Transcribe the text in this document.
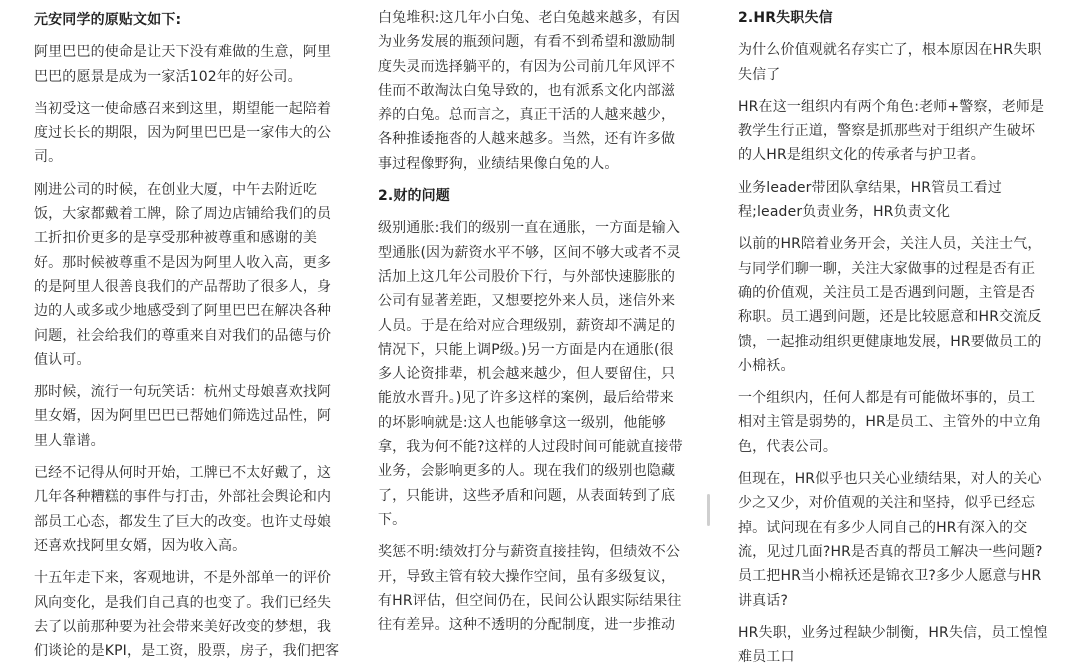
元安同学的原贴文如下:
阿里巴巴的使命是让天下没有难做的生意，阿里
巴巴的愿景是成为一家活102年的好公司。
当初受这一使命感召来到这里，期望能一起陪着
度过长长的期限，因为阿里巴巴是一家伟大的公
司。
刚进公司的时候，在创业大厦，中午去附近吃
饭，大家都戴着工牌，除了周边店铺给我们的员
工折扣价更多的是享受那种被尊重和感谢的美
好。那时候被尊重不是因为阿里人收入高，更多
的是阿里人很善良我们的产品帮助了很多人，身
边的人或多或少地感受到了阿里巴巴在解决各种
问题，社会给我们的尊重来自对我们的品德与价
值认可。
那时候，流行一句玩笑话：杭州丈母娘喜欢找阿
里女婿，因为阿里巴巴已帮她们筛选过品性，阿
里人靠谱。
已经不记得从何时开始，工牌已不太好戴了，这
几年各种糟糕的事件与打击，外部社会舆论和内
部员工心态，都发生了巨大的改变。也许丈母娘
还喜欢找阿里女婿，因为收入高。
十五年走下来，客观地讲，不是外部单一的评价
风向变化，是我们自己真的也变了。我们已经失
去了以前那种要为社会带来美好改变的梦想，我
们谈论的是KPI，是工资，股票，房子，我们把客
白兔堆积:这几年小白兔、老白兔越来越多，有因
为业务发展的瓶颈问题，有看不到希望和激励制
度失灵而选择躺平的，有因为公司前几年风评不
佳而不敢淘汰白兔导致的，也有派系文化内部滋
养的白兔。总而言之，真正干活的人越来越少，
各种推诿拖沓的人越来越多。当然，还有许多做
事过程像野狗，业绩结果像白兔的人。
2.财的问题
级别通胀:我们的级别一直在通胀，一方面是输入
型通胀(因为薪资水平不够，区间不够大或者不灵
活加上这几年公司股价下行，与外部快速膨胀的
公司有显著差距，又想要挖外来人员，迷信外来
人员。于是在给对应合理级别，薪资却不满足的
情况下，只能上调P级。)另一方面是内在通胀(很
多人论资排辈，机会越来越少，但人要留住，只
能放水晋升。)见了许多这样的案例，最后给带来
的坏影响就是:这人也能够拿这一级别，他能够
拿，我为何不能?这样的人过段时间可能就直接带
业务，会影响更多的人。现在我们的级别也隐藏
了，只能讲，这些矛盾和问题，从表面转到了底
下。
奖惩不明:绩效打分与薪资直接挂钩，但绩效不公
开，导致主管有较大操作空间，虽有多级复议，
有HR评估，但空间仍在，民间公认跟实际结果往
往有差异。这种不透明的分配制度，进一步推动
2.HR失职失信
为什么价值观就名存实亡了，根本原因在HR失职
失信了
HR在这一组织内有两个角色:老师+警察，老师是
教学生行正道，警察是抓那些对于组织产生破坏
的人HR是组织文化的传承者与护卫者。
业务leader带团队拿结果，HR管员工看过
程;leader负责业务，HR负责文化
以前的HR陪着业务开会，关注人员，关注士气，
与同学们聊一聊，关注大家做事的过程是否有正
确的价值观，关注员工是否遇到问题，主管是否
称职。员工遇到问题，还是比较愿意和HR交流反
馈，一起推动组织更健康地发展，HR要做员工的
小棉袄。
一个组织内，任何人都是有可能做坏事的，员工
相对主管是弱势的，HR是员工、主管外的中立角
色，代表公司。
但现在，HR似乎也只关心业绩结果，对人的关心
少之又少，对价值观的关注和坚持，似乎已经忘
掉。试问现在有多少人同自己的HR有深入的交
流，见过几面?HR是否真的帮员工解决一些问题?
员工把HR当小棉袄还是锦衣卫?多少人愿意与HR
讲真话?
HR失职，业务过程缺少制衡，HR失信，员工惶惶
难员工口
